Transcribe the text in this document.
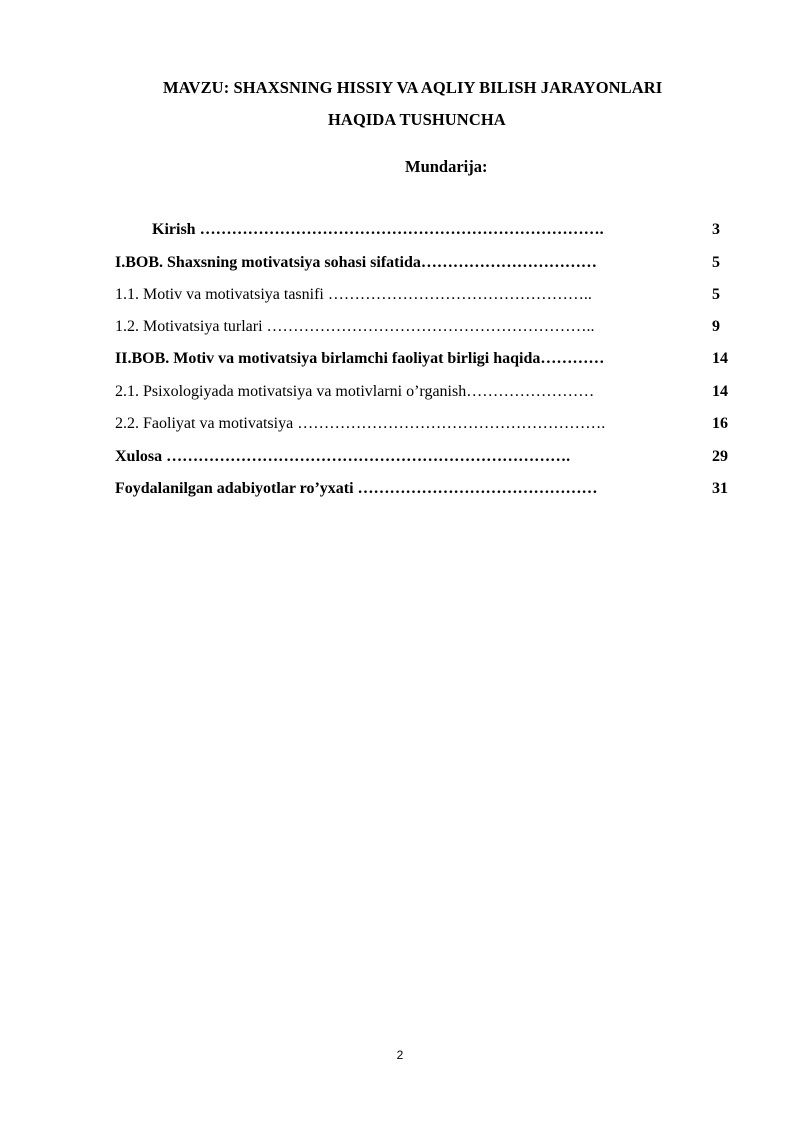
MAVZU: SHAXSNING HISSIY VA AQLIY BILISH JARAYONLARI
HAQIDA TUSHUNCHA
Mundarija:
Kirish ………………………………………………………………….	3
I.BOB. Shaxsning motivatsiya sohasi sifatida……………………………	5
1.1. Motiv va motivatsiya tasnifi …………………………………………..	5
1.2. Motivatsiya turlari ……………………………………………………..	9
II.BOB. Motiv va motivatsiya birlamchi faoliyat birligi haqida…………	14
2.1. Psixologiyada motivatsiya va motivlarni o’rganish……………………	14
2.2. Faoliyat va motivatsiya ………………………………………………….	16
Xulosa ………………………………………………………………….	29
Foydalanilgan adabiyotlar ro’yxati ………………………………………	31
2
